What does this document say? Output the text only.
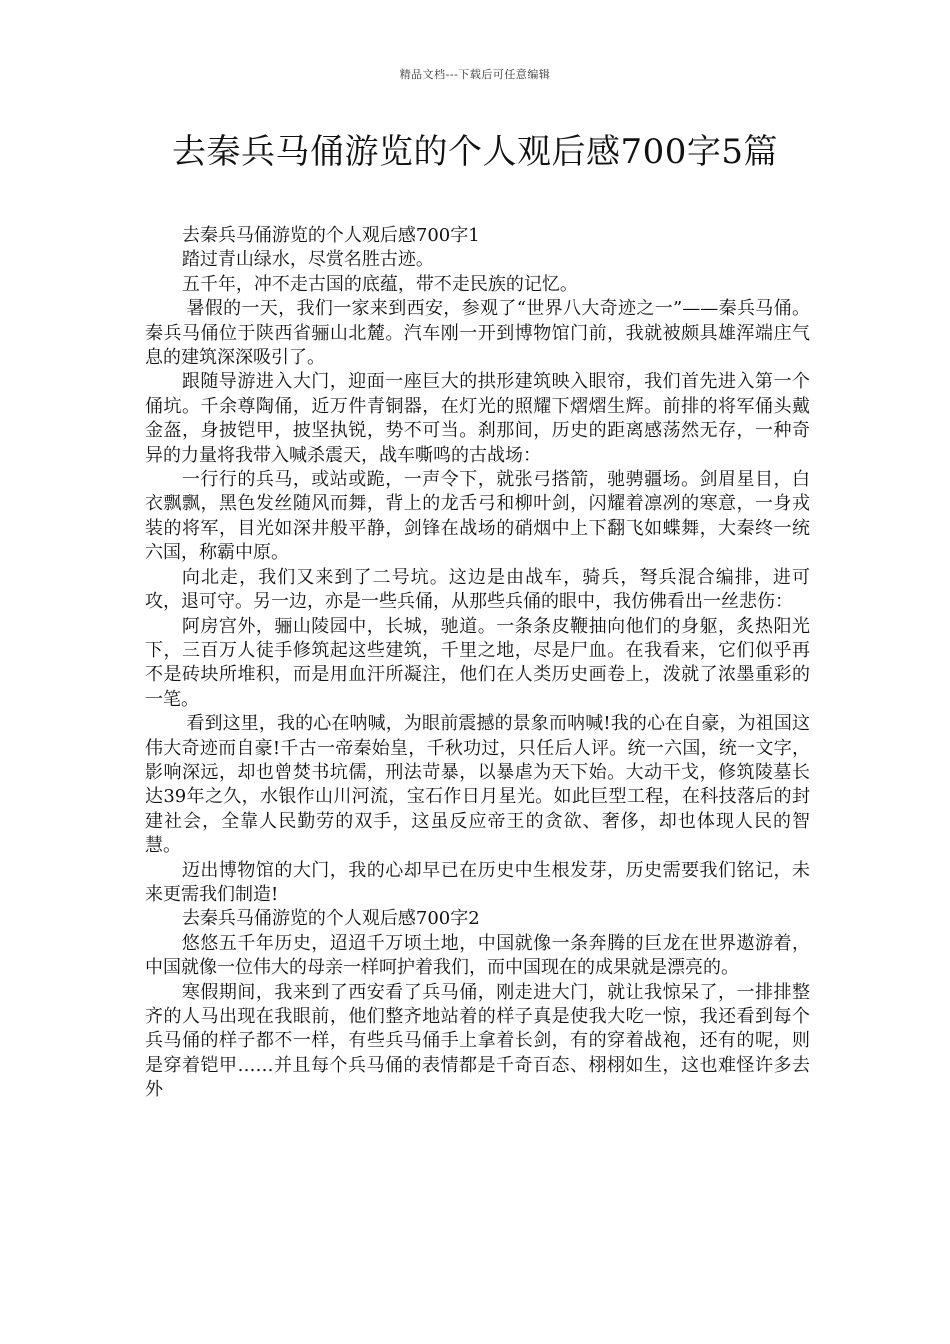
精品文档---下载后可任意编辑
去秦兵马俑游览的个人观后感700字5篇

去秦兵马俑游览的个人观后感700字1

踏过青山绿水，尽赏名胜古迹。

五千年，冲不走古国的底蕴，带不走民族的记忆。

暑假的一天，我们一家来到西安，参观了“世界八大奇迹之一”——秦兵马俑。秦兵马俑位于陕西省骊山北麓。汽车刚一开到博物馆门前，我就被颇具雄浑端庄气息的建筑深深吸引了。

跟随导游进入大门，迎面一座巨大的拱形建筑映入眼帘，我们首先进入第一个俑坑。千余尊陶俑，近万件青铜器，在灯光的照耀下熠熠生辉。前排的将军俑头戴金盔，身披铠甲，披坚执锐，势不可当。刹那间，历史的距离感荡然无存，一种奇异的力量将我带入喊杀震天，战车嘶鸣的古战场：

一行行的兵马，或站或跪，一声令下，就张弓搭箭，驰骋疆场。剑眉星目，白衣飘飘，黑色发丝随风而舞，背上的龙舌弓和柳叶剑，闪耀着凛冽的寒意，一身戎装的将军，目光如深井般平静，剑锋在战场的硝烟中上下翻飞如蝶舞，大秦终一统六国，称霸中原。

向北走，我们又来到了二号坑。这边是由战车，骑兵，弩兵混合编排，进可攻，退可守。另一边，亦是一些兵俑，从那些兵俑的眼中，我仿佛看出一丝悲伤：

阿房宫外，骊山陵园中，长城，驰道。一条条皮鞭抽向他们的身躯，炙热阳光下，三百万人徒手修筑起这些建筑，千里之地，尽是尸血。在我看来，它们似乎再不是砖块所堆积，而是用血汗所凝注，他们在人类历史画卷上，泼就了浓墨重彩的一笔。

看到这里，我的心在呐喊，为眼前震撼的景象而呐喊!我的心在自豪，为祖国这伟大奇迹而自豪!千古一帝秦始皇，千秋功过，只任后人评。统一六国，统一文字，影响深远，却也曾焚书坑儒，刑法苛暴，以暴虐为天下始。大动干戈，修筑陵墓长达39年之久，水银作山川河流，宝石作日月星光。如此巨型工程，在科技落后的封建社会，全靠人民勤劳的双手，这虽反应帝王的贪欲、奢侈，却也体现人民的智慧。

迈出博物馆的大门，我的心却早已在历史中生根发芽，历史需要我们铭记，未来更需我们制造!

去秦兵马俑游览的个人观后感700字2

悠悠五千年历史，迢迢千万顷土地，中国就像一条奔腾的巨龙在世界遨游着，中国就像一位伟大的母亲一样呵护着我们，而中国现在的成果就是漂亮的。

寒假期间，我来到了西安看了兵马俑，刚走进大门，就让我惊呆了，一排排整齐的人马出现在我眼前，他们整齐地站着的样子真是使我大吃一惊，我还看到每个兵马俑的样子都不一样，有些兵马俑手上拿着长剑，有的穿着战袍，还有的呢，则是穿着铠甲……并且每个兵马俑的表情都是千奇百态、栩栩如生，这也难怪许多去外
